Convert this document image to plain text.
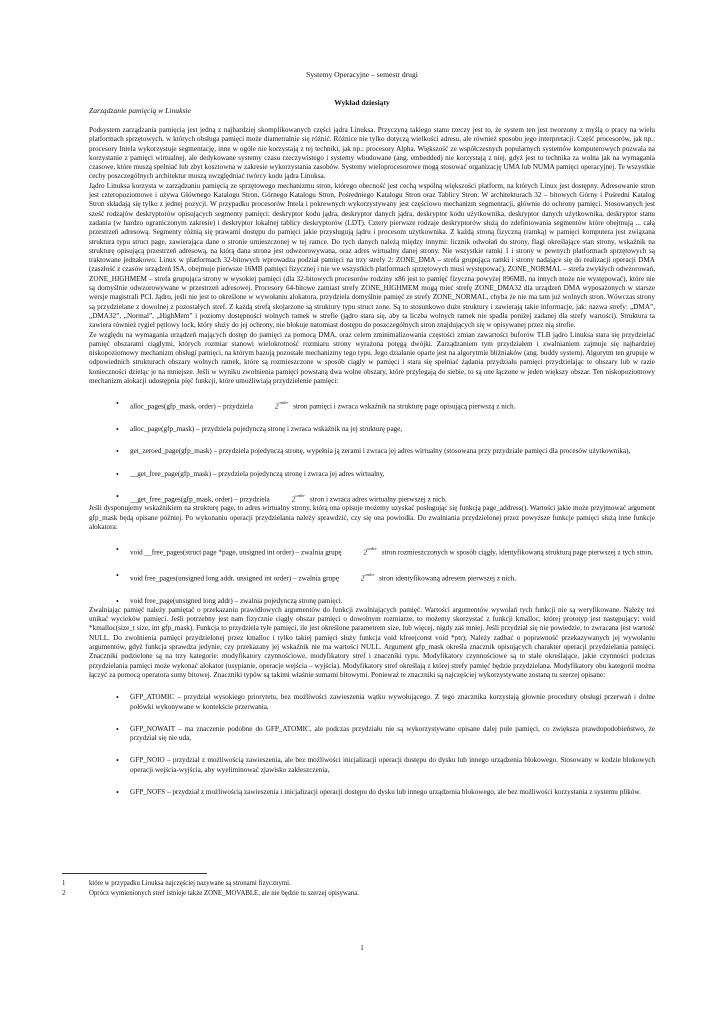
Systemy Operacyjne – semestr drugi
Wykład dziesiąty
Zarządzanie pamięcią w Linuksie

Podsystem zarządzania pamięcią jest jedną z najbardziej skomplikowanych części jądra Linuksa. Przyczyną takiego stanu rzeczy jest to, że system ten jest tworzony z myślą o pracy na wielu platformach sprzętowych, w których obsługa pamięci może diametralnie się różnić. Różnice nie tylko dotyczą wielkości adresu, ale również sposobu jego interpretacji. Część procesorów, jak np.: procesory Intela wykorzystuje segmentację, inne w ogóle nie korzystają z tej techniki, jak np.: procesory Alpha. Większość ze współczesnych popularnych systemów komputerowych pozwala na korzystanie z pamięci wirtualnej, ale dedykowane systemy czasu rzeczywistego i systemy wbudowane (ang. embedded) nie korzystają z niej, gdyż jest to technika za wolna jak na wymagania czasowe, które muszą spełniać lub zbyt kosztowna w zakresie wykorzystania zasobów. Systemy wieloprocesorowe mogą stosować organizację UMA lub NUMA pamięci operacyjnej. Te wszystkie cechy poszczególnych architektur muszą uwzględniać twórcy kodu jądra Linuksa.

Jądro Linuksa korzysta w zarządzaniu pamięcią ze sprzętowego mechanizmu stron, którego obecność jest cechą wspólną większości platform, na których Linux jest dostępny. Adresowanie stron jest czteropoziomowe i używa Głównego Katalogu Stron, Górnego Katalogu Stron, Pośredniego Katalogu Stron oraz Tablicy Stron. W architekturach 32 – bitowych Górny i Pośredni Katalog Stron składają się tylko z jednej pozycji. W przypadku procesorów Intela i pokrewnych wykorzystywany jest częściowo mechanizm segmentacji, głównie do ochrony pamięci. Stosowanych jest sześć rodzajów deskryptorów opisujących segmenty pamięci: deskryptor kodu jądra, deskryptor danych jądra, deskryptor kodu użytkownika, deskryptor danych użytkownika, deskryptor stanu zadania (w hardzo ograniczonym zakresie) i deskryptor lokalnej tablicy deskryptorów (LDT). Cztery pierwsze rodzaje deskryptorów służą do zdefiniowania segmentów które obejmują ... całą przestrzeń adresową. Segmenty różnią się prawami dostępu do pamięci jakie przysługują jądru i procesom użytkownika. Z każdą stroną fizyczną (ramką) w pamięci komputera jest związana struktura typu struct page, zawierająca dane o stronie umieszczonej w tej ramce. Do tych danych należą między innymi: licznik odwołań do strony, flagi określające stan strony, wskaźnik na strukturę opisującą przestrzeń adresową, na którą dana strona jest odwzorowywana, oraz adres wirtualny danej strony. Nie wszystkie ramki 1 i strony w pewnych platformach sprzętowych są traktowane jednakowo. Linux w platformach 32-bitowych wprowadza podział pamięci na trzy strefy 2: ZONE_DMA – strefa grupująca ramki i strony nadające się do realizacji operacji DMA (zaszłość z czasów urządzeń ISA, obejmuje pierwsze 16MB pamięci fizycznej i nie we wszystkich platformach sprzętowych musi występować), ZONE_NORMAL – strefa zwykłych odwzorowań, ZONE_HIGHMEM – strefa grupująca strony w wysokiej pamięci (dla 32-bitowych procesorów rodziny x86 jest to pamięć fizyczna powyżej 896MB, na innych może nie występować), które nie są domyślnie odwzorowywane w przestrzeń adresowej. Procesory 64-bitowe zamiast strefy ZONE_HIGHMEM mogą mieć strefę ZONE_DMA32 dla urządzeń DMA wyposażonych w starsze wersje magistrali PCI. Jądro, jeśli nie jest to określone w wywołaniu alokatora, przydziela domyślnie pamięć ze strefy ZONE_NORMAL, chyba że nie ma tam już wolnych stron. Wówczas strony są przydzielane z dowolnej z pozostałych stref. Z każdą strefą skojarzone są struktury typu struct zone. Są to stosunkowo duże struktury i zawierają takie informacje, jak: nazwa strefy: „DMA”, „DMA32”, „Normal”, „HighMem” i poziomy dostępności wolnych ramek w strefie (jądro stara się, aby ta liczba wolnych ramek nie spadła poniżej zadanej dla strefy wartości). Struktura ta zawiera również rygiel pętlowy lock, który służy do jej ochrony, nie blokuje natomiast dostępu do poszczególnych stron znajdujących się w opisywanej przez nią strefie.

Ze względu na wymagania urządzeń mających dostęp do pamięci za pomocą DMA, oraz celem zminimalizowania częstości zmian zawartości buforów TLB jądro Linuksa stara się przydzielać pamięć obszarami ciągłymi, których rozmiar stanowi wielokrotność rozmiaru strony wyrażona potęgą dwójki. Zarządzaniem tym przydziałem i zwalnianiem zajmuje się najbardziej niskopoziomowy mechanizm obsługi pamięci, na którym bazują pozostałe mechanizmy tego typu. Jego działanie oparte jest na algorytmie bliźniaków (ang. buddy system). Algorytm ten grupuje w odpowiednich strukturach obszary wolnych ramek, które są rozmieszczone w sposób ciągły w pamięci i stara się spełniać żądania przydziału pamięci przydzielając te obszary lub w razie konieczności dzieląc je na mniejsze. Jeśli w wyniku zwolnienia pamięci powstaną dwa wolne obszary, które przylegają do siebie, to są one łączone w jeden większy obszar. Ten niskopoziomowy mechanizm alokacji udostępnia pięć funkcji, które umożliwiają przydzielenie pamięci:

• alloc_pages(gfp_mask, order) – przydziela	$2^{order}$ stron pamięci i zwraca wskaźnik na strukturę page opisującą pierwszą z nich.
• alloc_page(gfp_mask) – przydziela pojedynczą stronę i zwraca wskaźnik na jej strukturę page,
• get_zeroed_page(gfp_mask) – przydziela pojedynczą stronę, wypełnia ją zerami i zwraca jej adres wirtualny (stosowana przy przydziale pamięci dla procesów użytkownika),
• __get_free_page(gfp_mask) – przydziela pojedynczą stronę i zwraca jej adres wirtualny,
• __get_free_pages(gfp_mask, order) – przydziela	$2^{order}$ stron i zwraca adres wirtualny pierwszej z nich.

Jeśli dysponujemy wskaźnikiem na strukturę page, to adres wirtualny strony, którą ona opisuje możemy uzyskać posługując się funkcją page_address(). Wartości jakie może przyjmować argument gfp_mask będą opisane później. Po wykonaniu operacji przydzielania należy sprawdzić, czy się ona powiodła. Do zwalniania przydzielonej przez powyższe funkcje pamięci służą inne funkcje alokatora:

• void __free_pages(struct page *page, unsigned int order) – zwalnia grupę	$2^{order}$ stron rozmieszczonych w sposób ciągły, identyfikowaną strukturą page pierwszej z tych stron,
• void free_pages(unsigned long addr, unsigned int order) – zwalnia grupę	$2^{order}$ stron identyfikowaną adresem pierwszej z nich,
• void free_page(unsigned long addr) – zwalnia pojedynczą stronę pamięci.

Zwalniając pamięć należy pamiętać o przekazaniu prawidłowych argumentów do funkcji zwalniających pamięć. Wartości argumentów wywołań tych funkcji nie są weryfikowane. Należy też unikać wycieków pamięci. Jeśli potrzebny jest nam fizycznie ciągły obszar pamięci o dowolnym rozmiarze, to możemy skorzystać z funkcji kmalloc, której prototyp jest następujący: void *kmalloc(size_t size, int gfp_mask). Funkcja to przydziela tyle pamięci, ile jest określone parametrem size, lub więcej, nigdy zaś mniej. Jeśli przydział się nie powiedzie, to zwracana jest wartość NULL. Do zwolnienia pamięci przydzielonej przez kmalloc i tylko takiej pamięci służy funkcja void kfree(const void *ptr); Należy zadbać o poprawność przekazywanych jej wywołaniu argumentów, gdyż funkcja sprawdza jedynie, czy przekazany jej wskaźnik nie ma wartości NULL. Argument gfp_mask określa znacznik opisujących charakter operacji przydzielania pamięci. Znaczniki podzielone są na trzy kategorie: modyfikatory czynnościowe, modyfikatory stref i znaczniki typu. Modyfikatory czynnościowe są to stałe określające, jakie czynności podczas przydzielania pamięci może wykonać alokator (usypianie, operacje wejścia – wyjścia). Modyfikatory stref określają z której strefy pamięć będzie przydzielana. Modyfikatory obu kategorii można łączyć za pomocą operatora sumy bitowej. Znaczniki typów są takimi właśnie sumami bitowymi. Ponieważ te znaczniki są najczęściej wykorzystywane zostaną tu szerzej opisane:

• GFP_ATOMIC – przydział wysokiego priorytetu, bez możliwości zawieszenia wątku wywołującego. Z tego znacznika korzystają głownie procedury obsługi przerwań i dolne połówki wykonywane w kontekście przerwania,
• GFP_NOWAIT – ma znaczenie podobne do GFP_ATOMIC, ale podczas przydziału nie są wykorzystywane opisane dalej pule pamięci, co zwiększa prawdopodobieństwo, że przydział się nie uda,
• GFP_NOIO – przydział z możliwością zawieszenia, ale bez możliwości inicjalizacji operacji dostępu do dysku lub innego urządzenia blokowego. Stosowany w kodzie blokowych operacji wejścia-wyjścia, aby wyeliminować zjawisko zakleszczenia,
• GFP_NOFS – przydział z możliwością zawieszenia i inicjalizacji operacji dostępu do dysku lub innego urządzenia blokowego, ale bez możliwości korzystania z systemu plików.
1	które w przypadku Linuksa najczęściej nazywane są stronami fizycznymi.
2	Oprócz wymienionych stref istnieje także ZONE_MOVABLE, ale nie będzie tu szerzej opisywana.
1
